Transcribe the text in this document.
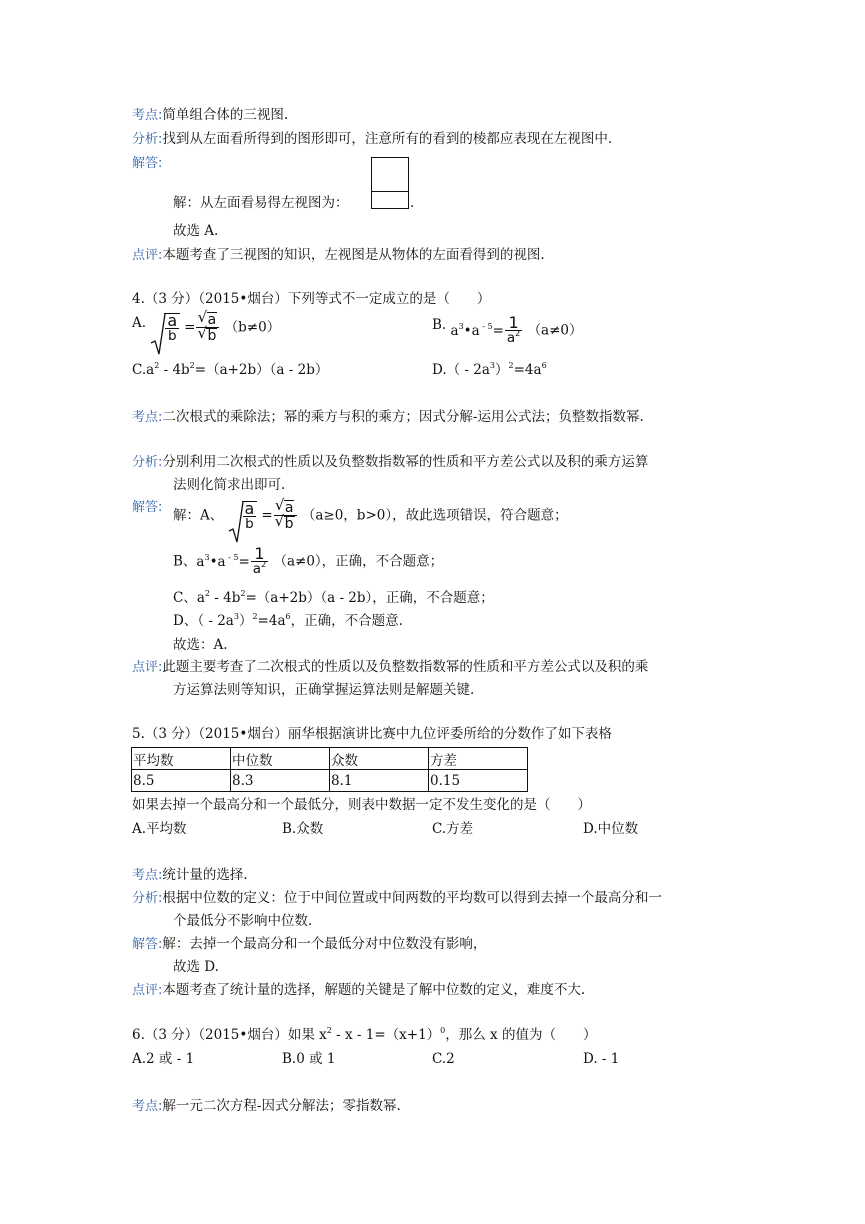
考点:简单组合体的三视图.
分析:找到从左面看所得到的图形即可，注意所有的看到的棱都应表现在左视图中.
解答:
解：从左面看易得左视图为：	.
故选 A.
点评:本题考查了三视图的知识，左视图是从物体的左面看得到的视图.
4.（3 分）（2015•烟台）下列等式不一定成立的是（　　）
A. $\frac{a}{b}$ = √ a
√ b （b≠0）	B. $a^3•a$ $^{- 5}= \frac{1}{a^2} (a\ne 0)$
$C.a^2 - 4b^2=(a+2b)(a - 2b)$	$D.( - 2a^3)^2=4a^6$
考点:二次根式的乘除法；幂的乘方与积的乘方；因式分解-运用公式法；负整数指数幂.
分析:分别利用二次根式的性质以及负整数指数幂的性质和平方差公式以及积的乘方运算
法则化简求出即可.
解答: 解：A、 $\frac{a}{b}$ = √ a
√ b （a≥0，b>0），故此选项错误，符合题意；
B、$a^3•a$ $^{- 5}= \frac{1}{a^2} (a\ne 0)$，正确，不合题意；
C、$a^2 - 4b^2=(a+2b)(a - 2b)$，正确，不合题意；
D、（ - $2a^3)^2=4a^6$，正确，不合题意.
故选：A.
点评:此题主要考查了二次根式的性质以及负整数指数幂的性质和平方差公式以及积的乘
方运算法则等知识，正确掌握运算法则是解题关键.
5.（3 分）（2015•烟台）丽华根据演讲比赛中九位评委所给的分数作了如下表格
平均数	中位数	众数	方差
8.5	8.3	8.1	0.15
如果去掉一个最高分和一个最低分，则表中数据一定不发生变化的是（　　）
A.平均数	B.众数	C.方差	D.中位数
考点:统计量的选择.
分析:根据中位数的定义：位于中间位置或中间两数的平均数可以得到去掉一个最高分和一
个最低分不影响中位数.
解答:解：去掉一个最高分和一个最低分对中位数没有影响，
故选 D.
点评:本题考查了统计量的选择，解题的关键是了解中位数的定义，难度不大.
6.（3 分）（2015•烟台）如果 $x^2 - x - 1=(x+1)^0$，那么 x 的值为（　　）
A.2 或 - 1	B.0 或 1	C.2	D. - 1
考点:解一元二次方程-因式分解法；零指数幂.
